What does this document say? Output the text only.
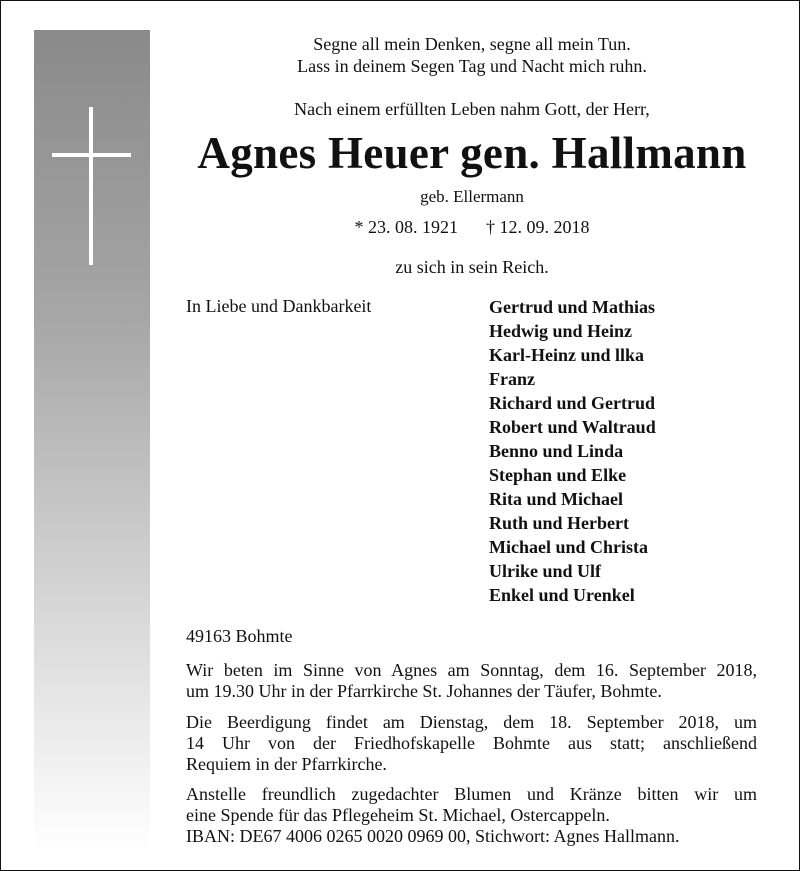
Segne all mein Denken, segne all mein Tun.
Lass in deinem Segen Tag und Nacht mich ruhn.
Nach einem erfüllten Leben nahm Gott, der Herr,
Agnes Heuer gen. Hallmann
geb. Ellermann
* 23. 08. 1921 † 12. 09. 2018
zu sich in sein Reich.
In Liebe und Dankbarkeit	Gertrud und Mathias
Hedwig und Heinz
Karl-Heinz und llka
Franz
Richard und Gertrud
Robert und Waltraud
Benno und Linda
Stephan und Elke
Rita und Michael
Ruth und Herbert
Michael und Christa
Ulrike und Ulf
Enkel und Urenkel
49163 Bohmte
Wir beten im Sinne von Agnes am Sonntag, dem 16. September 2018,
um 19.30 Uhr in der Pfarrkirche St. Johannes der Täufer, Bohmte.
Die Beerdigung findet am Dienstag, dem 18. September 2018, um
14 Uhr von der Friedhofskapelle Bohmte aus statt; anschließend
Requiem in der Pfarrkirche.
Anstelle freundlich zugedachter Blumen und Kränze bitten wir um
eine Spende für das Pflegeheim St. Michael, Ostercappeln.
IBAN: DE67 4006 0265 0020 0969 00, Stichwort: Agnes Hallmann.
